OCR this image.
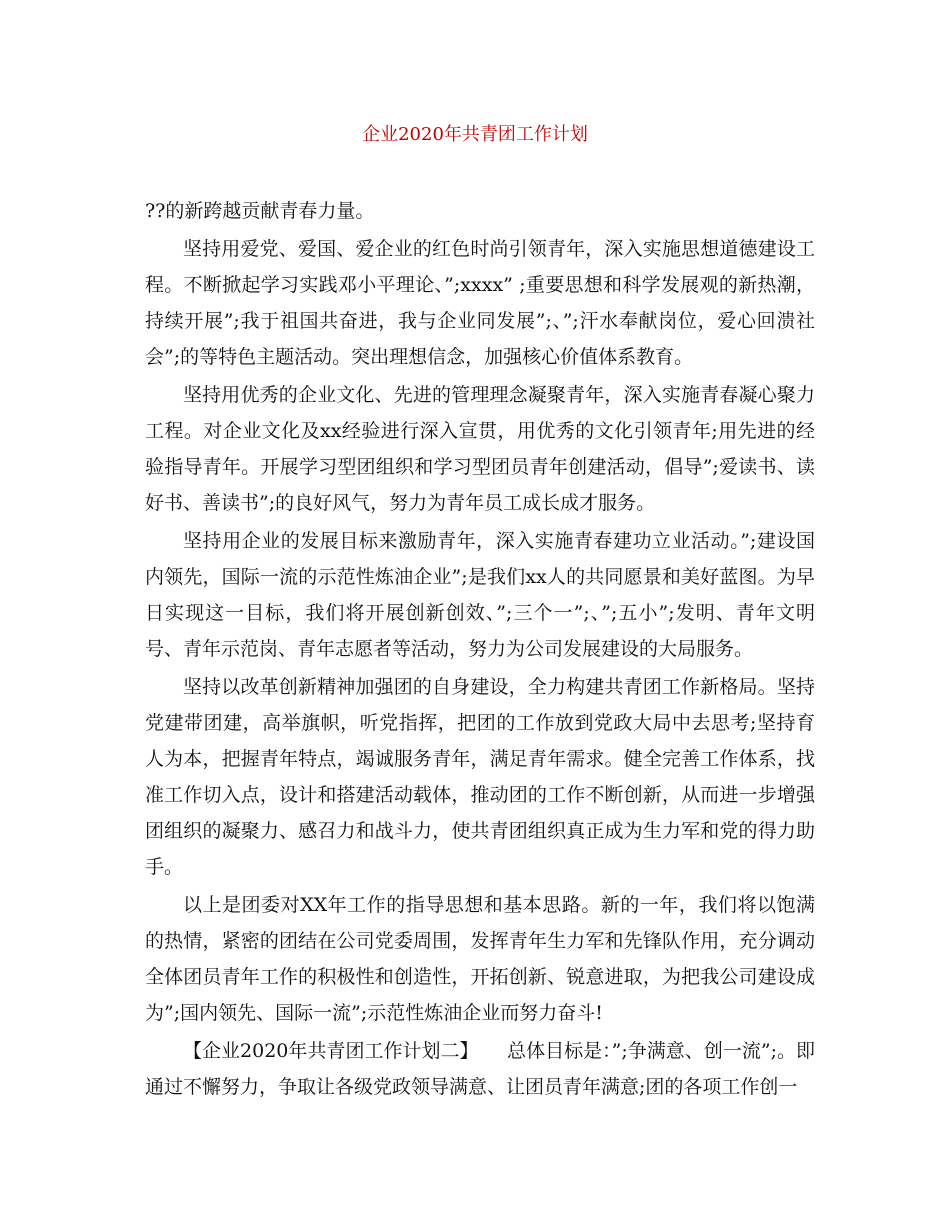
企业2020年共青团工作计划

??的新跨越贡献青春力量。

坚持用爱党、爱国、爱企业的红色时尚引领青年，深入实施思想道德建设工程。不断掀起学习实践邓小平理论、”;xxxx” ;重要思想和科学发展观的新热潮，持续开展”;我于祖国共奋进，我与企业同发展”;、”;汗水奉献岗位，爱心回溃社会”;的等特色主题活动。突出理想信念，加强核心价值体系教育。

坚持用优秀的企业文化、先进的管理理念凝聚青年，深入实施青春凝心聚力工程。对企业文化及xx经验进行深入宣贯，用优秀的文化引领青年;用先进的经验指导青年。开展学习型团组织和学习型团员青年创建活动，倡导”;爱读书、读好书、善读书”;的良好风气，努力为青年员工成长成才服务。

坚持用企业的发展目标来激励青年，深入实施青春建功立业活动。”;建设国内领先，国际一流的示范性炼油企业”;是我们xx人的共同愿景和美好蓝图。为早日实现这一目标，我们将开展创新创效、”;三个一”;、”;五小”;发明、青年文明号、青年示范岗、青年志愿者等活动，努力为公司发展建设的大局服务。

坚持以改革创新精神加强团的自身建设，全力构建共青团工作新格局。坚持党建带团建，高举旗帜，听党指挥，把团的工作放到党政大局中去思考;坚持育人为本，把握青年特点，竭诚服务青年，满足青年需求。健全完善工作体系，找准工作切入点，设计和搭建活动载体，推动团的工作不断创新，从而进一步增强团组织的凝聚力、感召力和战斗力，使共青团组织真正成为生力军和党的得力助手。

以上是团委对XX年工作的指导思想和基本思路。新的一年，我们将以饱满的热情，紧密的团结在公司党委周围，发挥青年生力军和先锋队作用，充分调动全体团员青年工作的积极性和创造性，开拓创新、锐意进取，为把我公司建设成为”;国内领先、国际一流”;示范性炼油企业而努力奋斗!

【企业2020年共青团工作计划二】　　总体目标是：”;争满意、创一流”;。即通过不懈努力，争取让各级党政领导满意、让团员青年满意;团的各项工作创一
